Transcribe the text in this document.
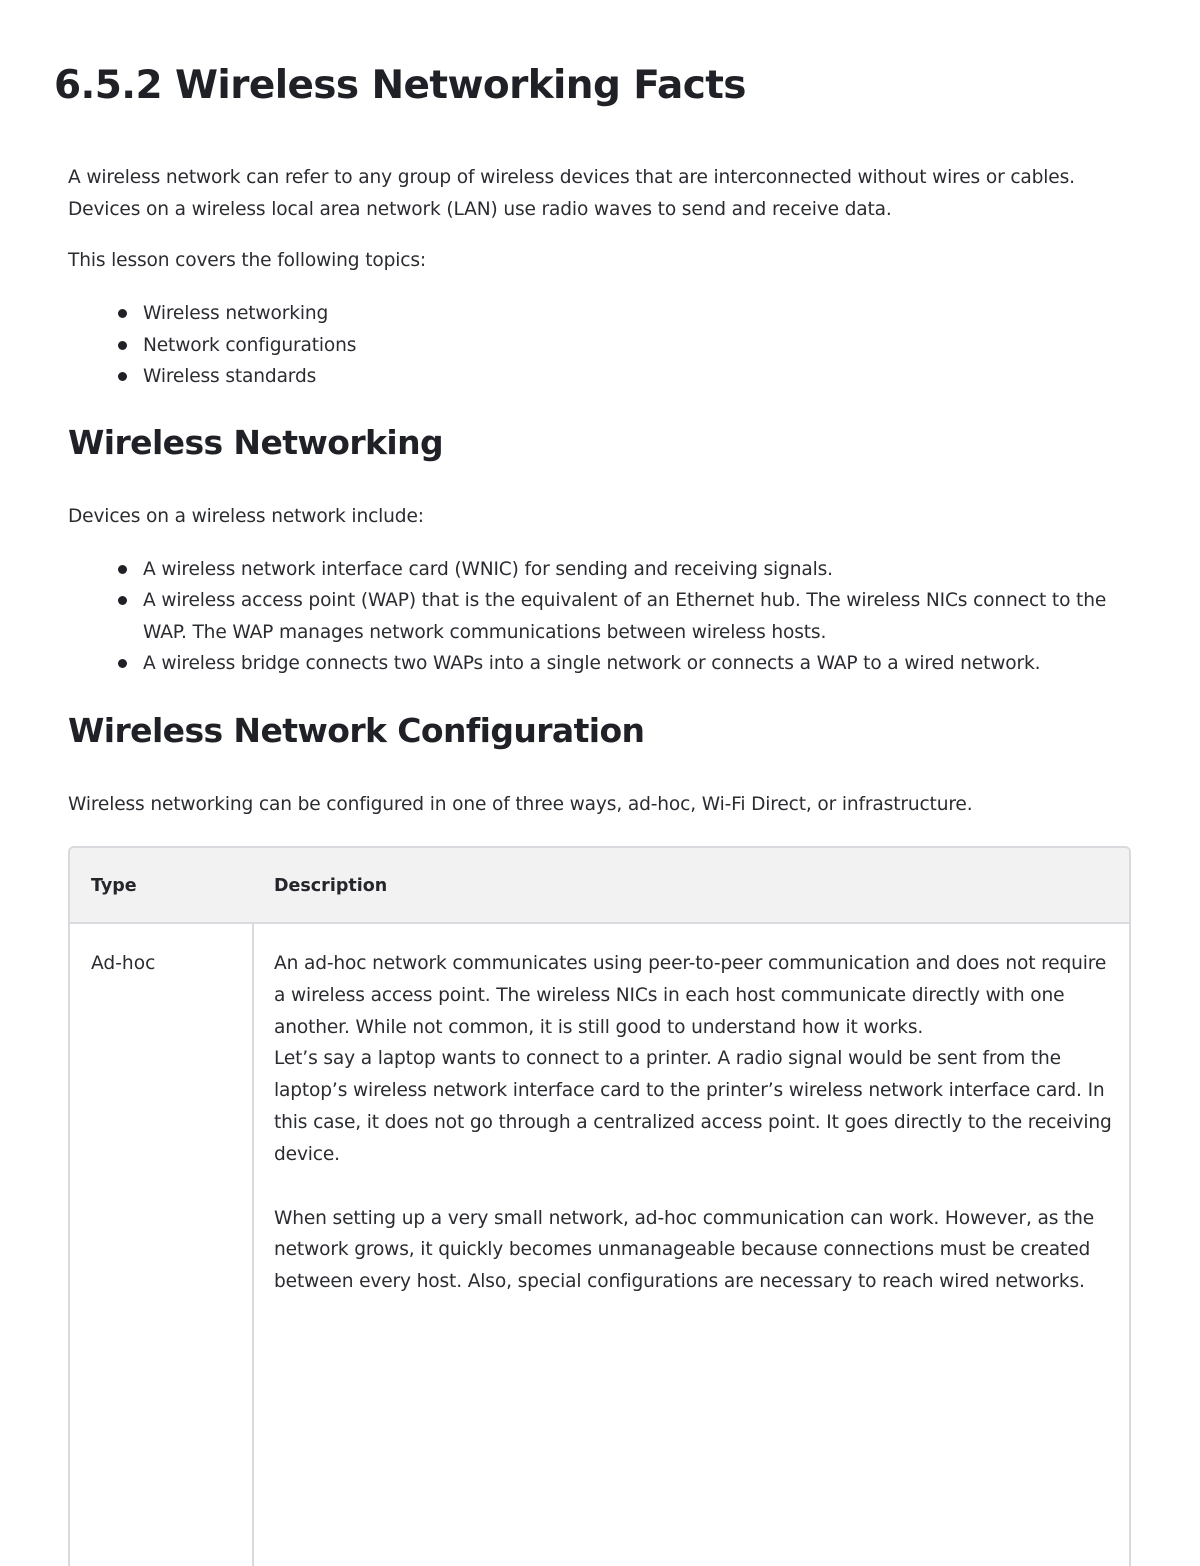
6.5.2 Wireless Networking Facts

A wireless network can refer to any group of wireless devices that are interconnected without wires or cables. Devices on a wireless local area network (LAN) use radio waves to send and receive data.

This lesson covers the following topics:

Wireless networking
Network configurations
Wireless standards
Wireless Networking

Devices on a wireless network include:

A wireless network interface card (WNIC) for sending and receiving signals.
A wireless access point (WAP) that is the equivalent of an Ethernet hub. The wireless NICs connect to the WAP. The WAP manages network communications between wireless hosts.
A wireless bridge connects two WAPs into a single network or connects a WAP to a wired network.
Wireless Network Configuration

Wireless networking can be configured in one of three ways, ad-hoc, Wi-Fi Direct, or infrastructure.

Type	Description
Ad-hoc	An ad-hoc network communicates using peer-to-peer communication and does not require a wireless access point. The wireless NICs in each host communicate directly with one another. While not common, it is still good to understand how it works.

Let’s say a laptop wants to connect to a printer. A radio signal would be sent from the laptop’s wireless network interface card to the printer’s wireless network interface card. In this case, it does not go through a centralized access point. It goes directly to the receiving device.

When setting up a very small network, ad-hoc communication can work. However, as the network grows, it quickly becomes unmanageable because connections must be created between every host. Also, special configurations are necessary to reach wired networks.
